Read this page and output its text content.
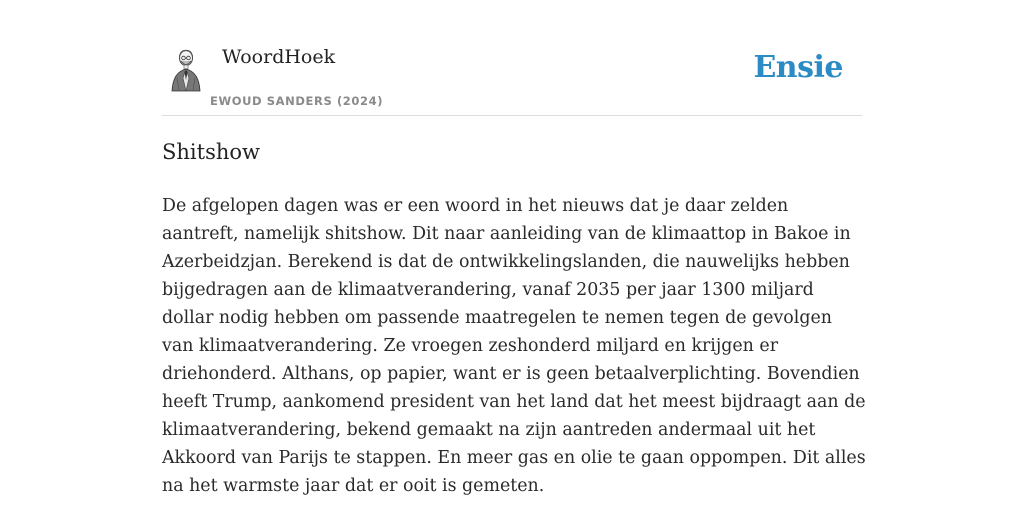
WoordHoek
EWOUD SANDERS (2024)
Ensie
Shitshow

De afgelopen dagen was er een woord in het nieuws dat je daar zelden aantreft, namelijk shitshow. Dit naar aanleiding van de klimaattop in Bakoe in Azerbeidzjan. Berekend is dat de ontwikkelingslanden, die nauwelijks hebben bijgedragen aan de klimaatverandering, vanaf 2035 per jaar 1300 miljard dollar nodig hebben om passende maatregelen te nemen tegen de gevolgen van klimaatverandering. Ze vroegen zeshonderd miljard en krijgen er driehonderd. Althans, op papier, want er is geen betaalverplichting. Bovendien heeft Trump, aankomend president van het land dat het meest bijdraagt aan de klimaatverandering, bekend gemaakt na zijn aantreden andermaal uit het Akkoord van Parijs te stappen. En meer gas en olie te gaan oppompen. Dit alles na het warmste jaar dat er ooit is gemeten.
